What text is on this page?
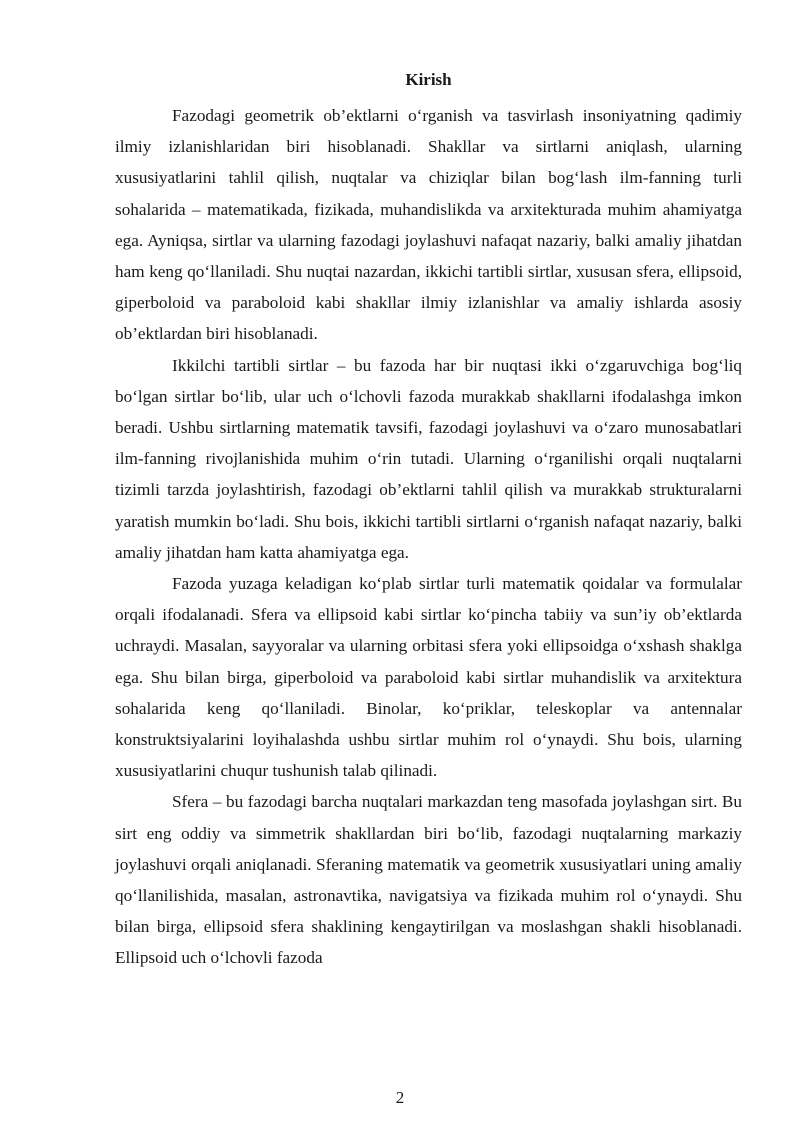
Kirish

Fazodagi geometrik ob’ektlarni o‘rganish va tasvirlash insoniyatning qadimiy ilmiy izlanishlaridan biri hisoblanadi. Shakllar va sirtlarni aniqlash, ularning xususiyatlarini tahlil qilish, nuqtalar va chiziqlar bilan bog‘lash ilm-fanning turli sohalarida – matematikada, fizikada, muhandislikda va arxitekturada muhim ahamiyatga ega. Ayniqsa, sirtlar va ularning fazodagi joylashuvi nafaqat nazariy, balki amaliy jihatdan ham keng qo‘llaniladi. Shu nuqtai nazardan, ikkichi tartibli sirtlar, xususan sfera, ellipsoid, giperboloid va paraboloid kabi shakllar ilmiy izlanishlar va amaliy ishlarda asosiy ob’ektlardan biri hisoblanadi.

Ikkilchi tartibli sirtlar – bu fazoda har bir nuqtasi ikki o‘zgaruvchiga bog‘liq bo‘lgan sirtlar bo‘lib, ular uch o‘lchovli fazoda murakkab shakllarni ifodalashga imkon beradi. Ushbu sirtlarning matematik tavsifi, fazodagi joylashuvi va o‘zaro munosabatlari ilm-fanning rivojlanishida muhim o‘rin tutadi. Ularning o‘rganilishi orqali nuqtalarni tizimli tarzda joylashtirish, fazodagi ob’ektlarni tahlil qilish va murakkab strukturalarni yaratish mumkin bo‘ladi. Shu bois, ikkichi tartibli sirtlarni o‘rganish nafaqat nazariy, balki amaliy jihatdan ham katta ahamiyatga ega.

Fazoda yuzaga keladigan ko‘plab sirtlar turli matematik qoidalar va formulalar orqali ifodalanadi. Sfera va ellipsoid kabi sirtlar ko‘pincha tabiiy va sun’iy ob’ektlarda uchraydi. Masalan, sayyoralar va ularning orbitasi sfera yoki ellipsoidga o‘xshash shaklga ega. Shu bilan birga, giperboloid va paraboloid kabi sirtlar muhandislik va arxitektura sohalarida keng qo‘llaniladi. Binolar, ko‘priklar, teleskoplar va antennalar konstruktsiyalarini loyihalashda ushbu sirtlar muhim rol o‘ynaydi. Shu bois, ularning xususiyatlarini chuqur tushunish talab qilinadi.

Sfera – bu fazodagi barcha nuqtalari markazdan teng masofada joylashgan sirt. Bu sirt eng oddiy va simmetrik shakllardan biri bo‘lib, fazodagi nuqtalarning markaziy joylashuvi orqali aniqlanadi. Sferaning matematik va geometrik xususiyatlari uning amaliy qo‘llanilishida, masalan, astronavtika, navigatsiya va fizikada muhim rol o‘ynaydi. Shu bilan birga, ellipsoid sfera shaklining kengaytirilgan va moslashgan shakli hisoblanadi. Ellipsoid uch o‘lchovli fazoda

2
